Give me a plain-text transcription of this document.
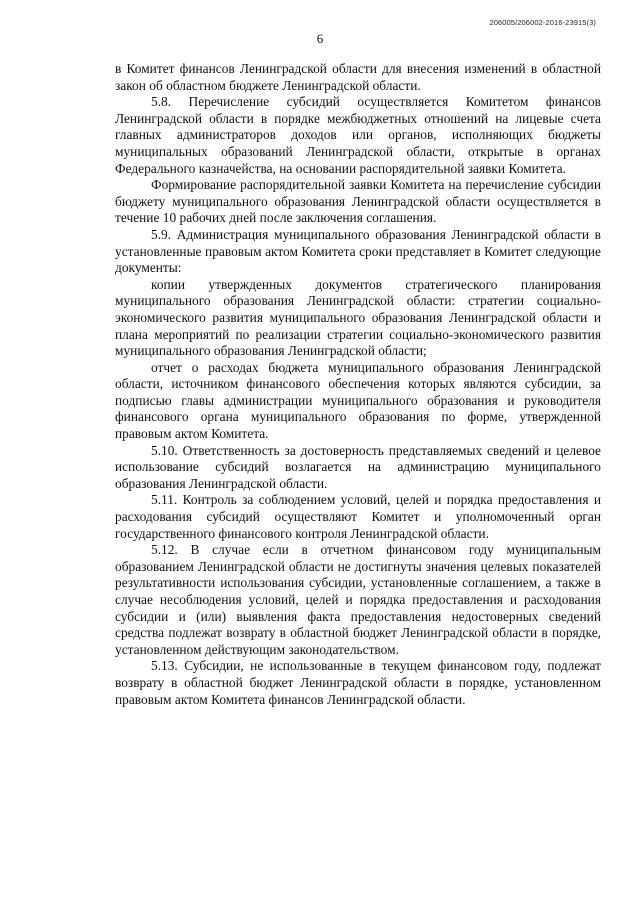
206005/206002-2016-23915(3)
6

в Комитет финансов Ленинградской области для внесения изменений в областной закон об областном бюджете Ленинградской области.

5.8. Перечисление субсидий осуществляется Комитетом финансов Ленинградской области в порядке межбюджетных отношений на лицевые счета главных администраторов доходов или органов, исполняющих бюджеты муниципальных образований Ленинградской области, открытые в органах Федерального казначейства, на основании распорядительной заявки Комитета.

Формирование распорядительной заявки Комитета на перечисление субсидии бюджету муниципального образования Ленинградской области осуществляется в течение 10 рабочих дней после заключения соглашения.

5.9. Администрация муниципального образования Ленинградской области в установленные правовым актом Комитета сроки представляет в Комитет следующие документы:

копии утвержденных документов стратегического планирования муниципального образования Ленинградской области: стратегии социально-экономического развития муниципального образования Ленинградской области и плана мероприятий по реализации стратегии социально-экономического развития муниципального образования Ленинградской области;

отчет о расходах бюджета муниципального образования Ленинградской области, источником финансового обеспечения которых являются субсидии, за подписью главы администрации муниципального образования и руководителя финансового органа муниципального образования по форме, утвержденной правовым актом Комитета.

5.10. Ответственность за достоверность представляемых сведений и целевое использование субсидий возлагается на администрацию муниципального образования Ленинградской области.

5.11. Контроль за соблюдением условий, целей и порядка предоставления и расходования субсидий осуществляют Комитет и уполномоченный орган государственного финансового контроля Ленинградской области.

5.12. В случае если в отчетном финансовом году муниципальным образованием Ленинградской области не достигнуты значения целевых показателей результативности использования субсидии, установленные соглашением, а также в случае несоблюдения условий, целей и порядка предоставления и расходования субсидии и (или) выявления факта предоставления недостоверных сведений средства подлежат возврату в областной бюджет Ленинградской области в порядке, установленном действующим законодательством.

5.13. Субсидии, не использованные в текущем финансовом году, подлежат возврату в областной бюджет Ленинградской области в порядке, установленном правовым актом Комитета финансов Ленинградской области.
